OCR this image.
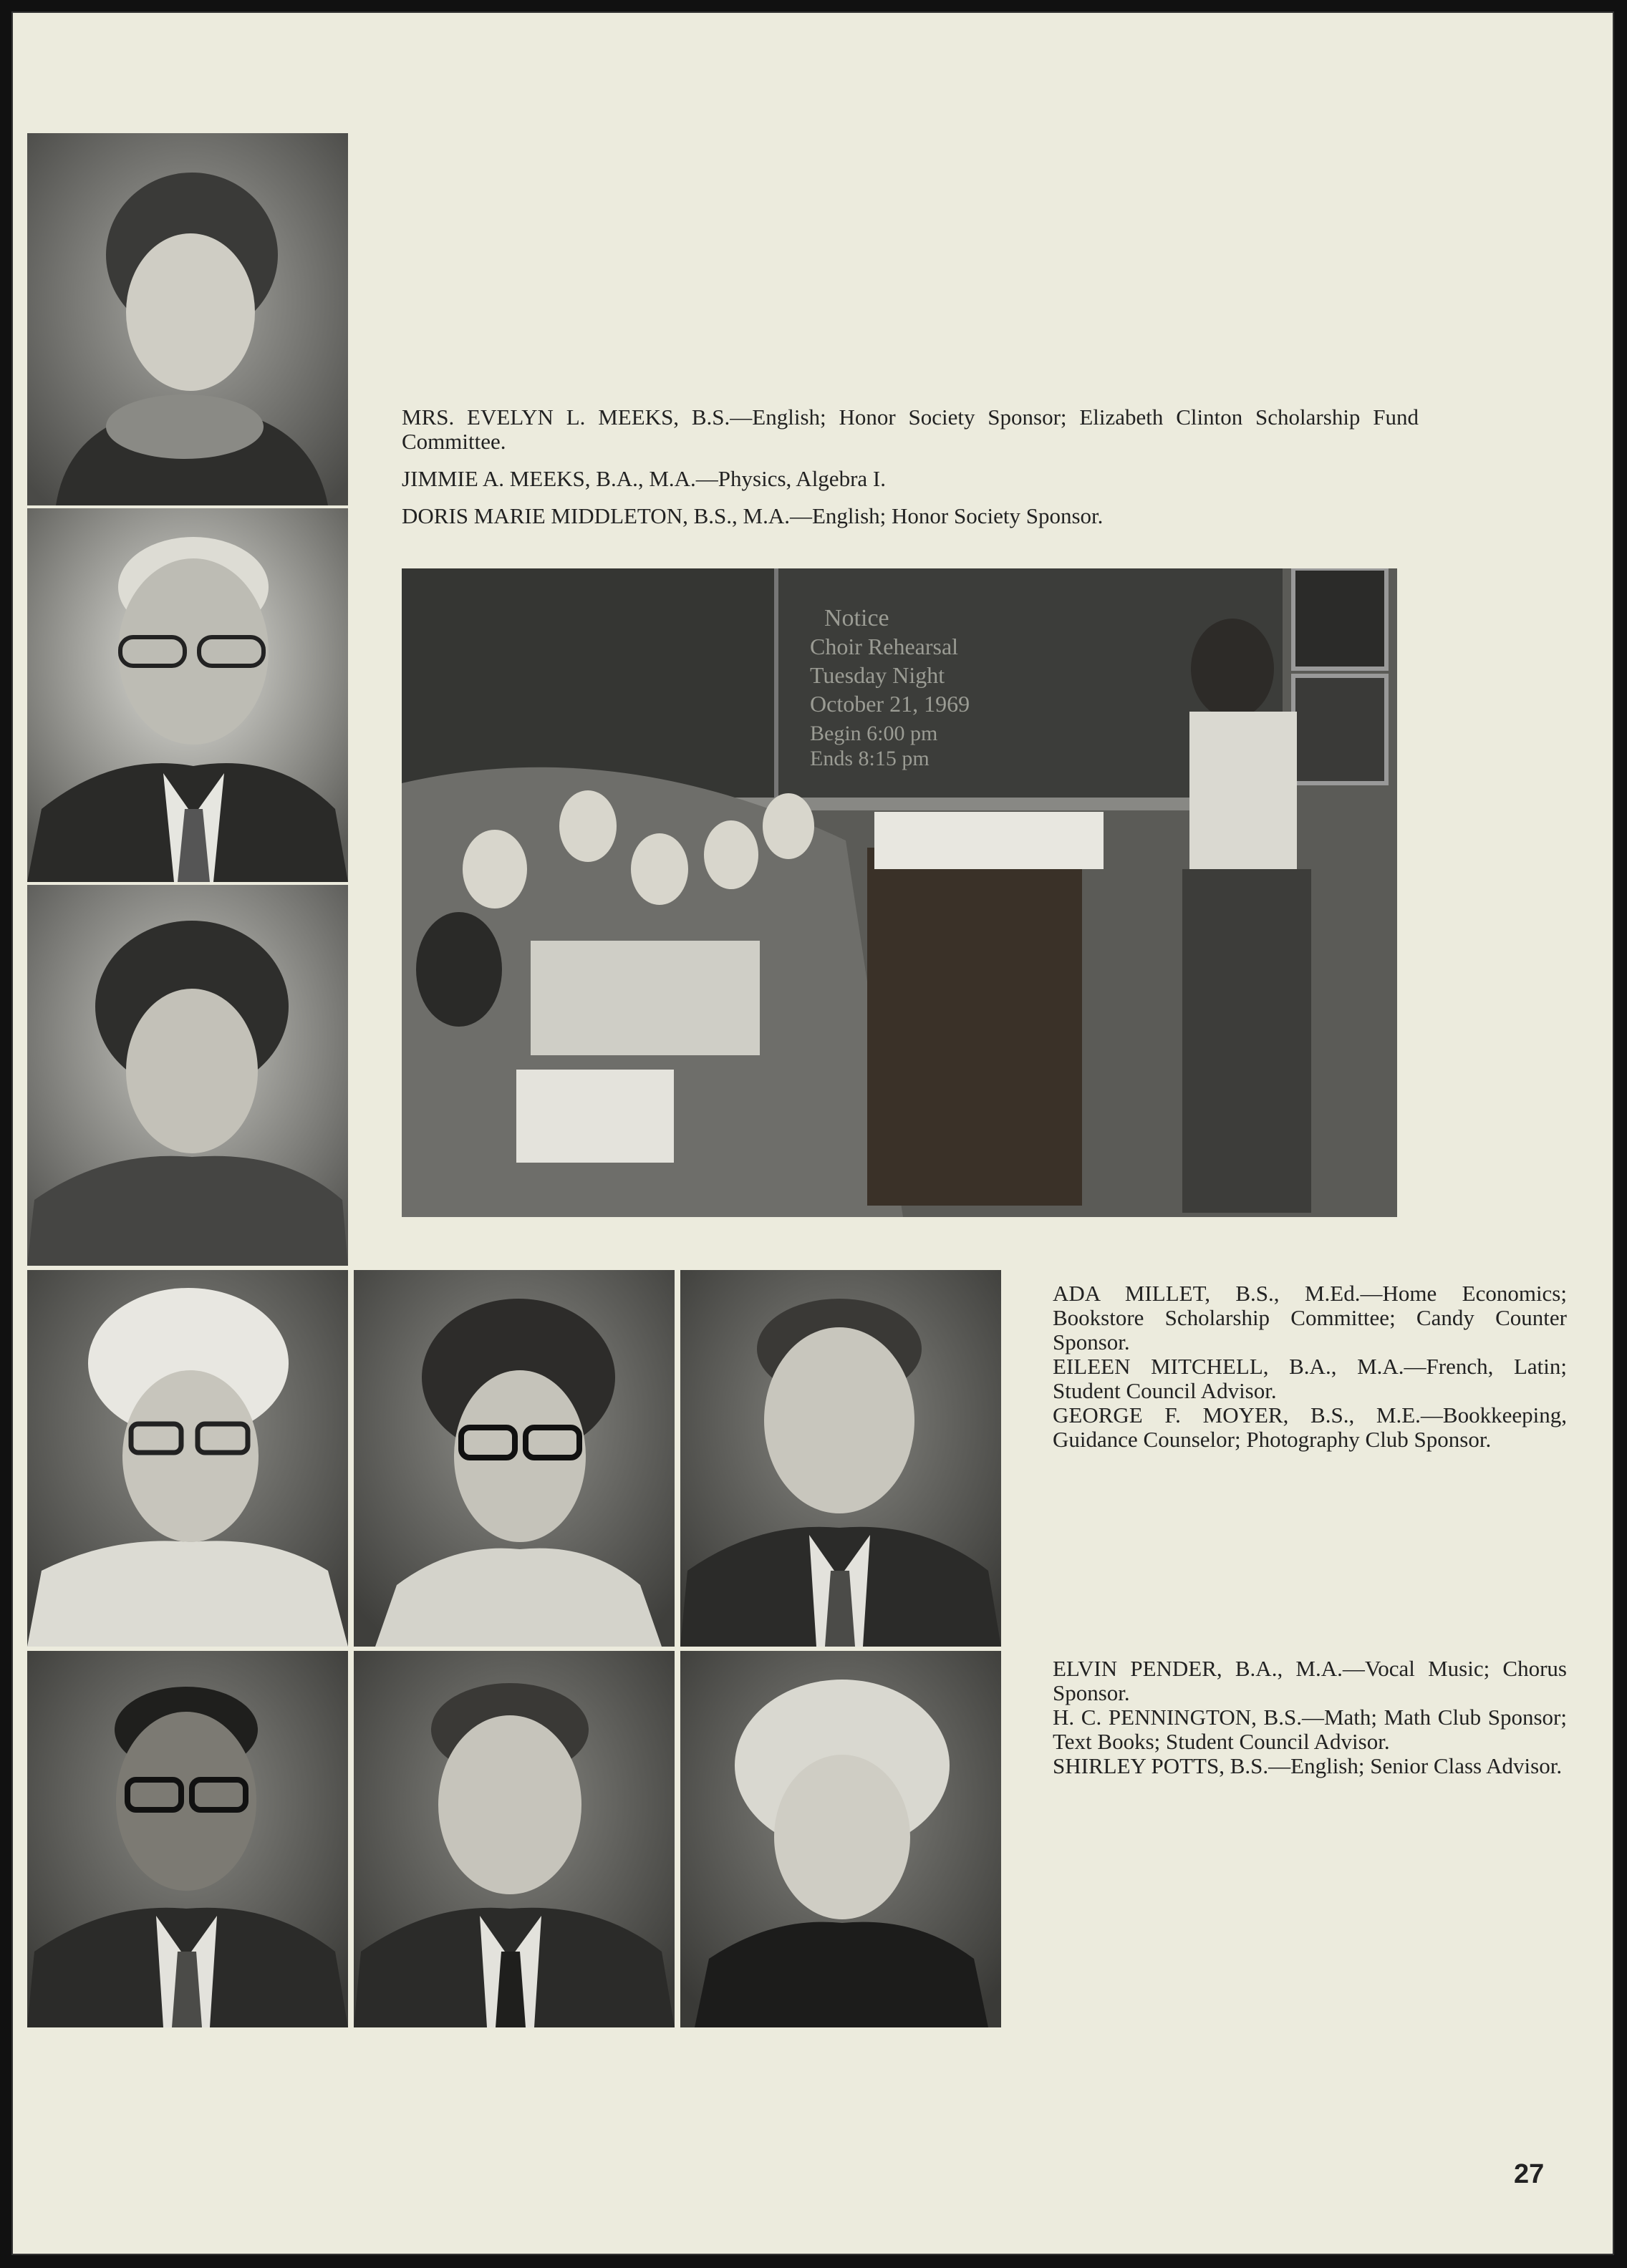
Notice
Choir Rehearsal
Tuesday Night
October 21, 1969
Begin 6:00 pm
Ends 8:15 pm

MRS. EVELYN L. MEEKS, B.S.—English; Honor Society Sponsor; Elizabeth Clinton Scholarship Fund Committee.

JIMMIE A. MEEKS, B.A., M.A.—Physics, Algebra I.

DORIS MARIE MIDDLETON, B.S., M.A.—English; Honor Society Sponsor.

ADA MILLET, B.S., M.Ed.—Home Economics; Bookstore Scholarship Committee; Candy Counter Sponsor.

EILEEN MITCHELL, B.A., M.A.—French, Latin; Student Council Advisor.

GEORGE F. MOYER, B.S., M.E.—Bookkeeping, Guidance Counselor; Photography Club Sponsor.

ELVIN PENDER, B.A., M.A.—Vocal Music; Chorus Sponsor.

H. C. PENNINGTON, B.S.—Math; Math Club Sponsor; Text Books; Student Council Advisor.

SHIRLEY POTTS, B.S.—English; Senior Class Advisor.

27
